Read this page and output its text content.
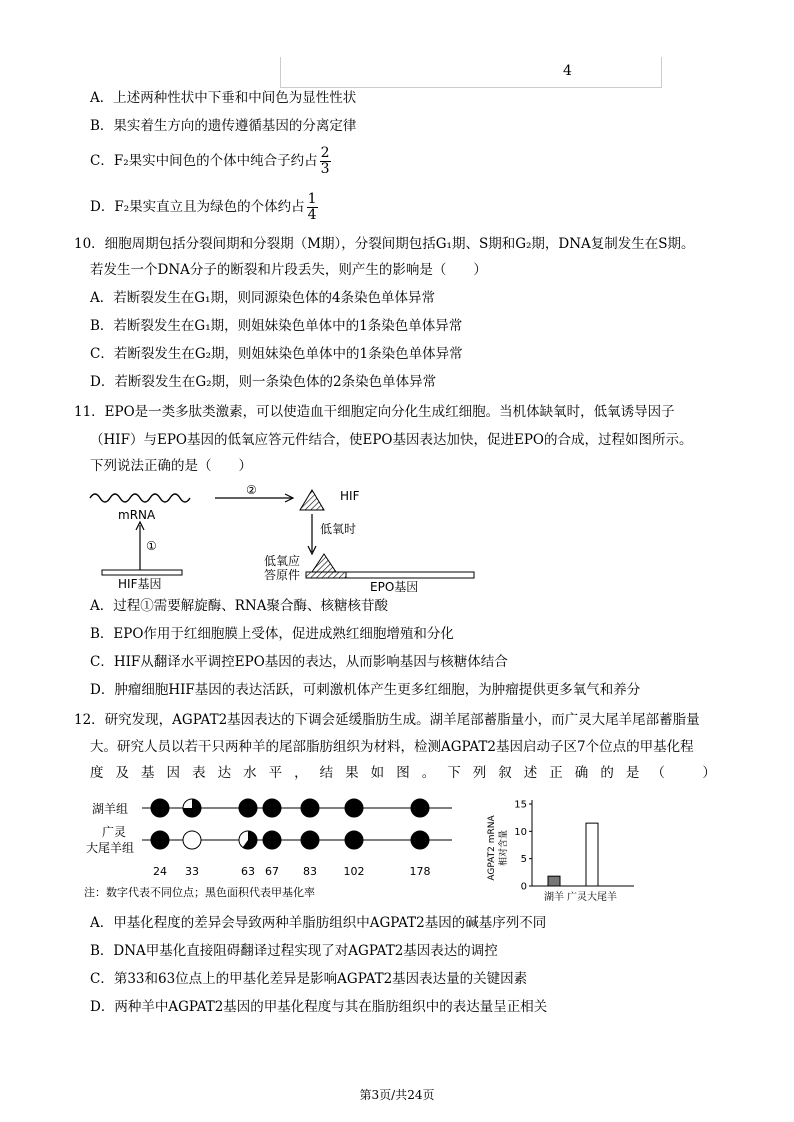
4
A．上述两种性状中下垂和中间色为显性性状
B．果实着生方向的遗传遵循基因的分离定律
C．F₂果实中间色的个体中纯合子约占 $\frac{2}{3}$
D．F₂果实直立且为绿色的个体约占 $\frac{1}{4}$
10．细胞周期包括分裂间期和分裂期（M期），分裂间期包括G₁期、S期和G₂期，DNA复制发生在S期。
若发生一个DNA分子的断裂和片段丢失，则产生的影响是（　　）
A．若断裂发生在G₁期，则同源染色体的4条染色单体异常
B．若断裂发生在G₁期，则姐妹染色单体中的1条染色单体异常
C．若断裂发生在G₂期，则姐妹染色单体中的1条染色单体异常
D．若断裂发生在G₂期，则一条染色体的2条染色单体异常
11．EPO是一类多肽类激素，可以使造血干细胞定向分化生成红细胞。当机体缺氧时，低氧诱导因子
（HIF）与EPO基因的低氧应答元件结合，使EPO基因表达加快，促进EPO的合成，过程如图所示。
下列说法正确的是（　　）
mRNA
①
HIF基因
②	HIF
低氧时
低氧应
答原件
EPO基因
A．过程①需要解旋酶、RNA聚合酶、核糖核苷酸
B．EPO作用于红细胞膜上受体，促进成熟红细胞增殖和分化
C．HIF从翻译水平调控EPO基因的表达，从而影响基因与核糖体结合
D．肿瘤细胞HIF基因的表达活跃，可刺激机体产生更多红细胞，为肿瘤提供更多氧气和养分
12．研究发现，AGPAT2基因表达的下调会延缓脂肪生成。湖羊尾部蓄脂量小，而广灵大尾羊尾部蓄脂量
大。研究人员以若干只两种羊的尾部脂肪组织为材料，检测AGPAT2基因启动子区7个位点的甲基化程
度 及 基 因 表 达 水 平 ， 结 果 如 图 。 下 列 叙 述 正 确 的 是 （
　	）
湖羊组
广灵
大尾羊组
24 33	63 67 83 102	178
注：数字代表不同位点；黑色面积代表甲基化率
AGPAT2 mRNA 相对含量
0
5
10
15
湖羊 广灵大尾羊
A．甲基化程度的差异会导致两种羊脂肪组织中AGPAT2基因的碱基序列不同
B．DNA甲基化直接阻碍翻译过程实现了对AGPAT2基因表达的调控
C．第33和63位点上的甲基化差异是影响AGPAT2基因表达量的关键因素
D．两种羊中AGPAT2基因的甲基化程度与其在脂肪组织中的表达量呈正相关
第3页/共24页
